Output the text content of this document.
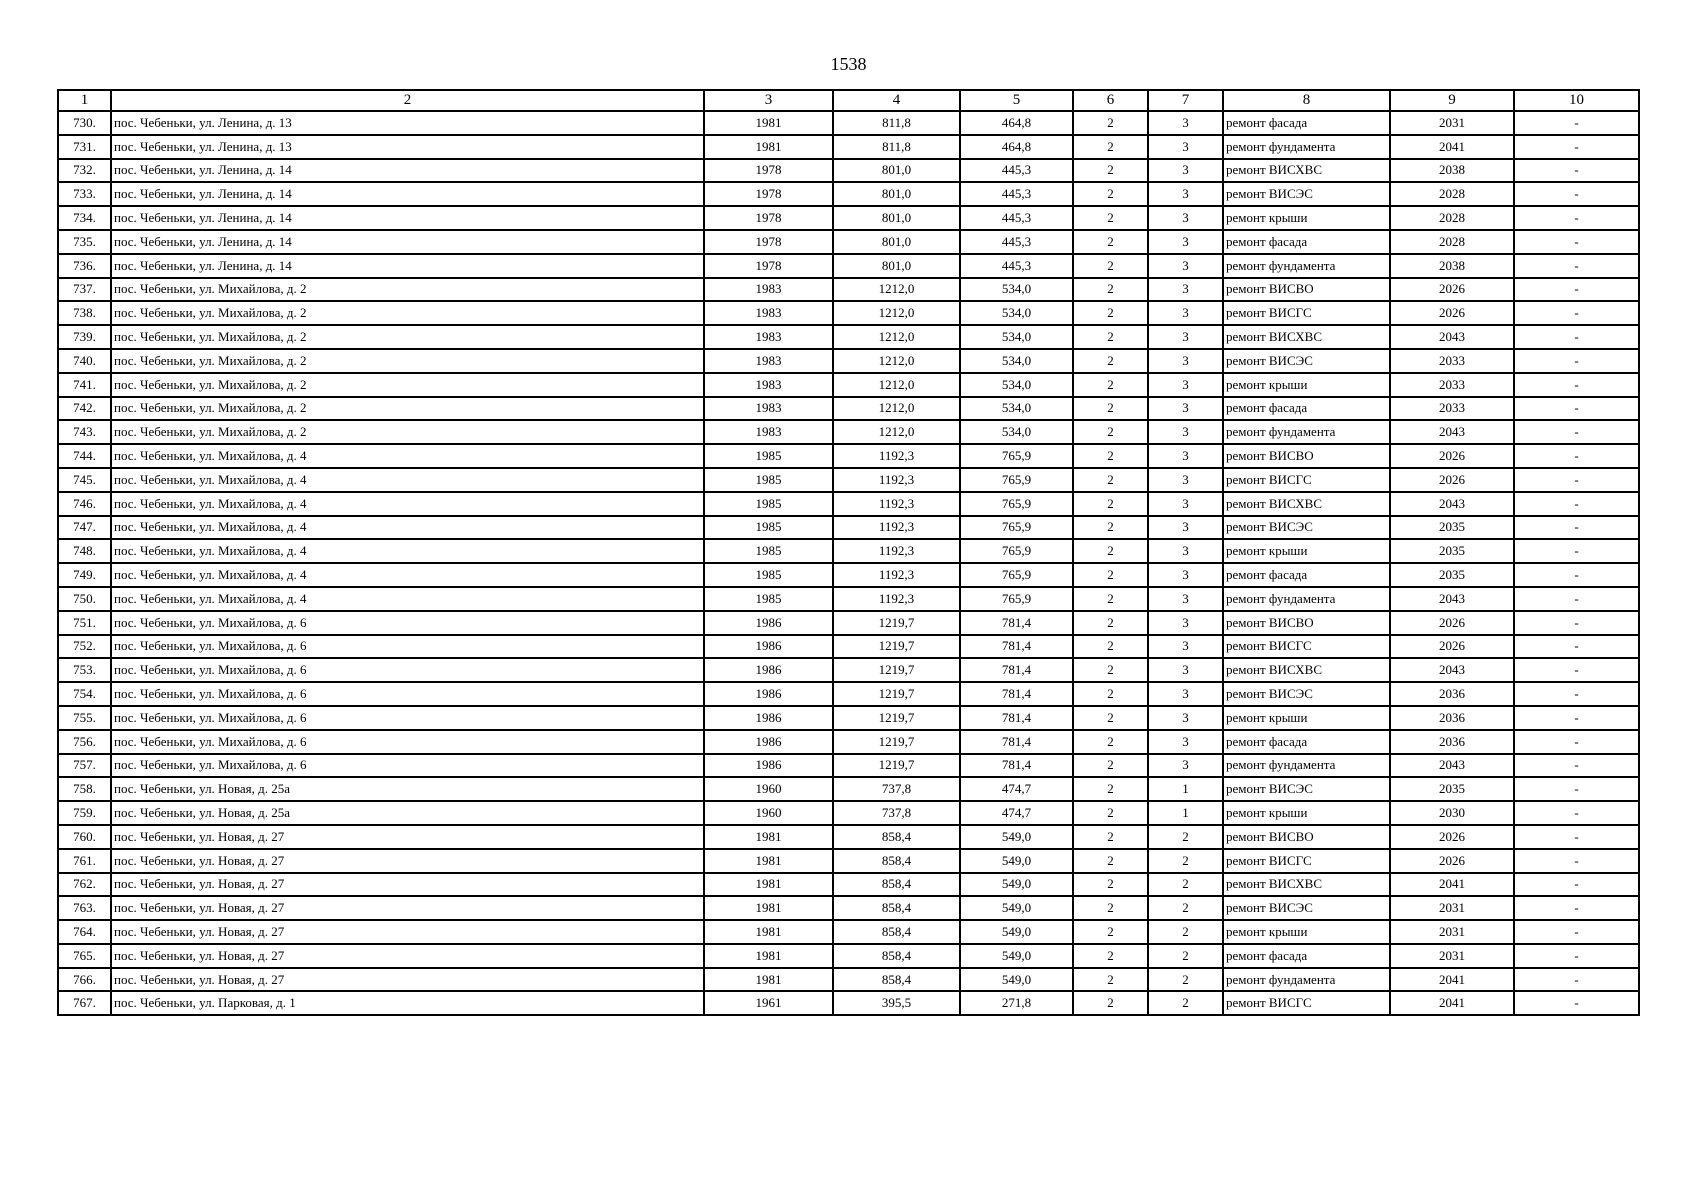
1538
1	2	3	4	5	6	7	8	9	10
730.	пос. Чебеньки, ул. Ленина, д. 13	1981	811,8	464,8	2	3	ремонт фасада	2031	-
731.	пос. Чебеньки, ул. Ленина, д. 13	1981	811,8	464,8	2	3	ремонт фундамента	2041	-
732.	пос. Чебеньки, ул. Ленина, д. 14	1978	801,0	445,3	2	3	ремонт ВИСХВС	2038	-
733.	пос. Чебеньки, ул. Ленина, д. 14	1978	801,0	445,3	2	3	ремонт ВИСЭС	2028	-
734.	пос. Чебеньки, ул. Ленина, д. 14	1978	801,0	445,3	2	3	ремонт крыши	2028	-
735.	пос. Чебеньки, ул. Ленина, д. 14	1978	801,0	445,3	2	3	ремонт фасада	2028	-
736.	пос. Чебеньки, ул. Ленина, д. 14	1978	801,0	445,3	2	3	ремонт фундамента	2038	-
737.	пос. Чебеньки, ул. Михайлова, д. 2	1983	1212,0	534,0	2	3	ремонт ВИСВО	2026	-
738.	пос. Чебеньки, ул. Михайлова, д. 2	1983	1212,0	534,0	2	3	ремонт ВИСГС	2026	-
739.	пос. Чебеньки, ул. Михайлова, д. 2	1983	1212,0	534,0	2	3	ремонт ВИСХВС	2043	-
740.	пос. Чебеньки, ул. Михайлова, д. 2	1983	1212,0	534,0	2	3	ремонт ВИСЭС	2033	-
741.	пос. Чебеньки, ул. Михайлова, д. 2	1983	1212,0	534,0	2	3	ремонт крыши	2033	-
742.	пос. Чебеньки, ул. Михайлова, д. 2	1983	1212,0	534,0	2	3	ремонт фасада	2033	-
743.	пос. Чебеньки, ул. Михайлова, д. 2	1983	1212,0	534,0	2	3	ремонт фундамента	2043	-
744.	пос. Чебеньки, ул. Михайлова, д. 4	1985	1192,3	765,9	2	3	ремонт ВИСВО	2026	-
745.	пос. Чебеньки, ул. Михайлова, д. 4	1985	1192,3	765,9	2	3	ремонт ВИСГС	2026	-
746.	пос. Чебеньки, ул. Михайлова, д. 4	1985	1192,3	765,9	2	3	ремонт ВИСХВС	2043	-
747.	пос. Чебеньки, ул. Михайлова, д. 4	1985	1192,3	765,9	2	3	ремонт ВИСЭС	2035	-
748.	пос. Чебеньки, ул. Михайлова, д. 4	1985	1192,3	765,9	2	3	ремонт крыши	2035	-
749.	пос. Чебеньки, ул. Михайлова, д. 4	1985	1192,3	765,9	2	3	ремонт фасада	2035	-
750.	пос. Чебеньки, ул. Михайлова, д. 4	1985	1192,3	765,9	2	3	ремонт фундамента	2043	-
751.	пос. Чебеньки, ул. Михайлова, д. 6	1986	1219,7	781,4	2	3	ремонт ВИСВО	2026	-
752.	пос. Чебеньки, ул. Михайлова, д. 6	1986	1219,7	781,4	2	3	ремонт ВИСГС	2026	-
753.	пос. Чебеньки, ул. Михайлова, д. 6	1986	1219,7	781,4	2	3	ремонт ВИСХВС	2043	-
754.	пос. Чебеньки, ул. Михайлова, д. 6	1986	1219,7	781,4	2	3	ремонт ВИСЭС	2036	-
755.	пос. Чебеньки, ул. Михайлова, д. 6	1986	1219,7	781,4	2	3	ремонт крыши	2036	-
756.	пос. Чебеньки, ул. Михайлова, д. 6	1986	1219,7	781,4	2	3	ремонт фасада	2036	-
757.	пос. Чебеньки, ул. Михайлова, д. 6	1986	1219,7	781,4	2	3	ремонт фундамента	2043	-
758.	пос. Чебеньки, ул. Новая, д. 25а	1960	737,8	474,7	2	1	ремонт ВИСЭС	2035	-
759.	пос. Чебеньки, ул. Новая, д. 25а	1960	737,8	474,7	2	1	ремонт крыши	2030	-
760.	пос. Чебеньки, ул. Новая, д. 27	1981	858,4	549,0	2	2	ремонт ВИСВО	2026	-
761.	пос. Чебеньки, ул. Новая, д. 27	1981	858,4	549,0	2	2	ремонт ВИСГС	2026	-
762.	пос. Чебеньки, ул. Новая, д. 27	1981	858,4	549,0	2	2	ремонт ВИСХВС	2041	-
763.	пос. Чебеньки, ул. Новая, д. 27	1981	858,4	549,0	2	2	ремонт ВИСЭС	2031	-
764.	пос. Чебеньки, ул. Новая, д. 27	1981	858,4	549,0	2	2	ремонт крыши	2031	-
765.	пос. Чебеньки, ул. Новая, д. 27	1981	858,4	549,0	2	2	ремонт фасада	2031	-
766.	пос. Чебеньки, ул. Новая, д. 27	1981	858,4	549,0	2	2	ремонт фундамента	2041	-
767.	пос. Чебеньки, ул. Парковая, д. 1	1961	395,5	271,8	2	2	ремонт ВИСГС	2041	-
